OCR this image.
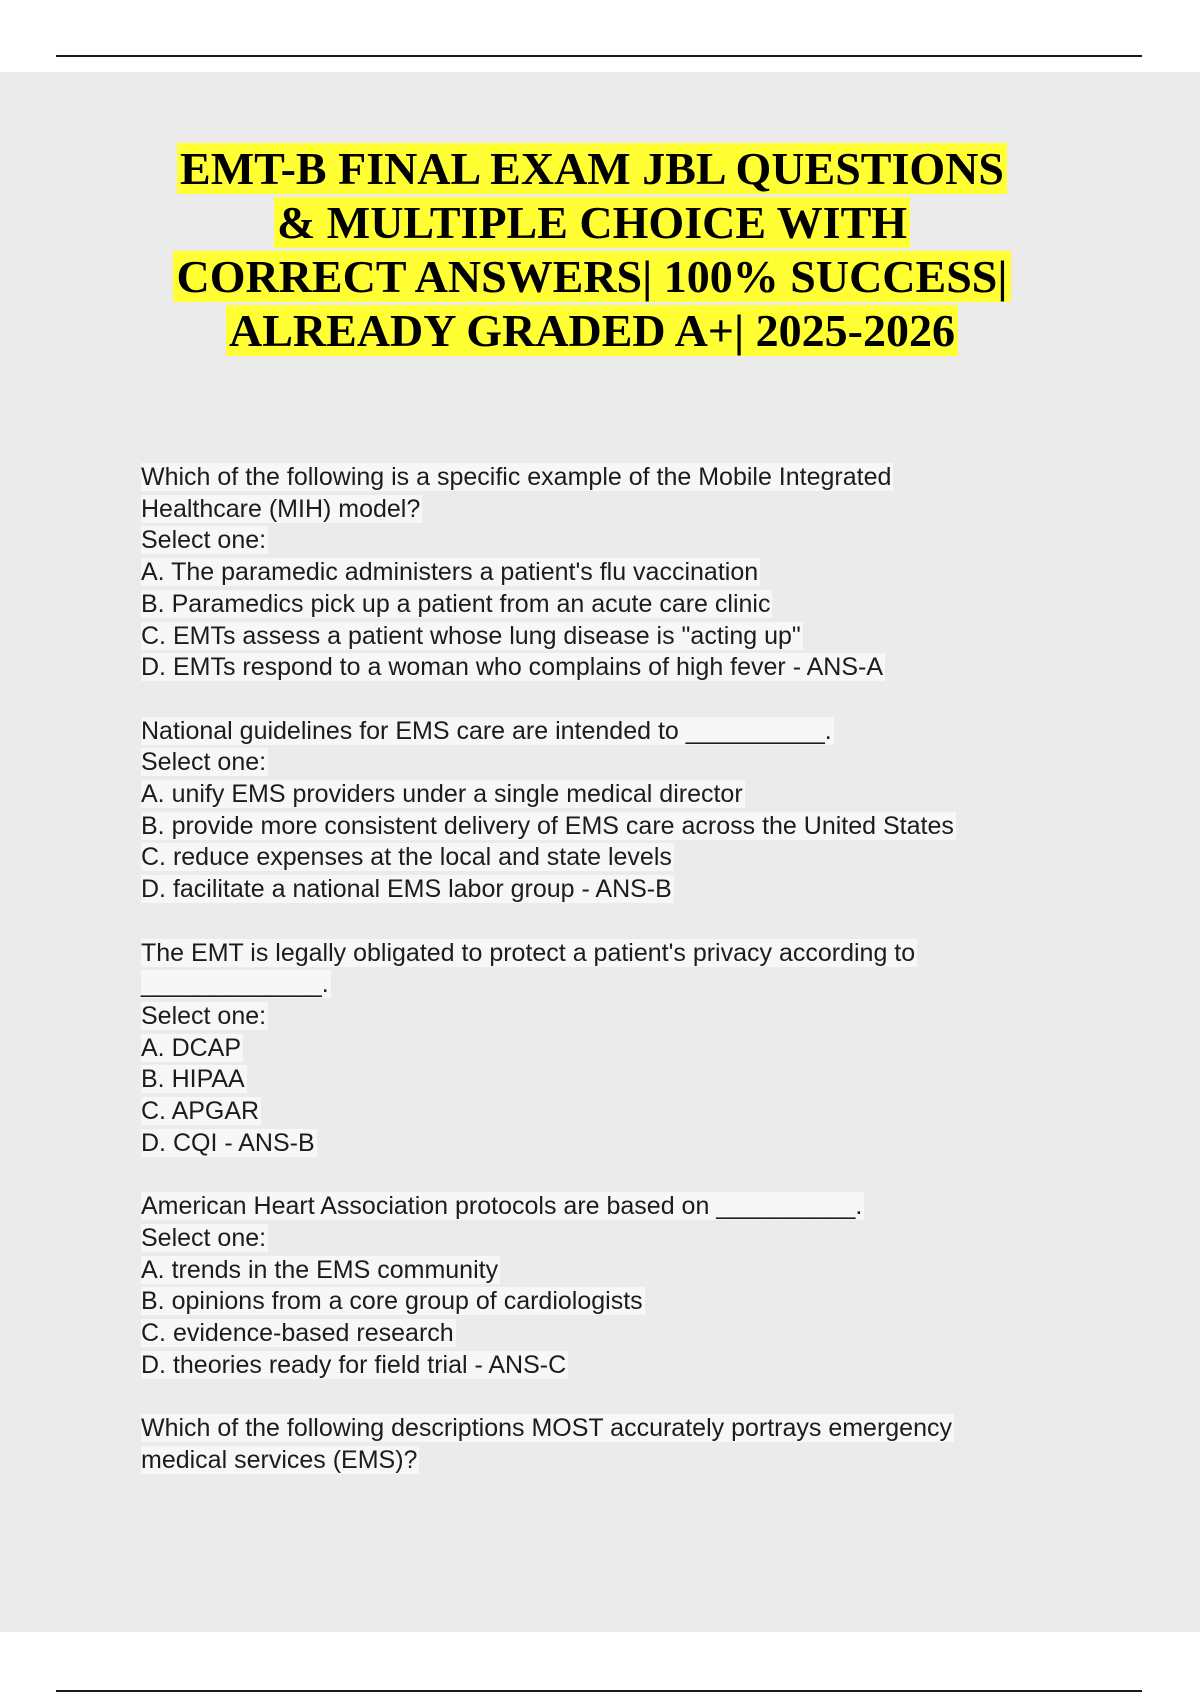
EMT-B FINAL EXAM JBL QUESTIONS
& MULTIPLE CHOICE WITH
CORRECT ANSWERS| 100% SUCCESS|
ALREADY GRADED A+| 2025-2026
Which of the following is a specific example of the Mobile Integrated
Healthcare (MIH) model?
Select one:
A. The paramedic administers a patient's flu vaccination
B. Paramedics pick up a patient from an acute care clinic
C. EMTs assess a patient whose lung disease is "acting up"
D. EMTs respond to a woman who complains of high fever - ANS-A
National guidelines for EMS care are intended to __________.
Select one:
A. unify EMS providers under a single medical director
B. provide more consistent delivery of EMS care across the United States
C. reduce expenses at the local and state levels
D. facilitate a national EMS labor group - ANS-B
The EMT is legally obligated to protect a patient's privacy according to
_____________.
Select one:
A. DCAP
B. HIPAA
C. APGAR
D. CQI - ANS-B
American Heart Association protocols are based on __________.
Select one:
A. trends in the EMS community
B. opinions from a core group of cardiologists
C. evidence-based research
D. theories ready for field trial - ANS-C
Which of the following descriptions MOST accurately portrays emergency
medical services (EMS)?
